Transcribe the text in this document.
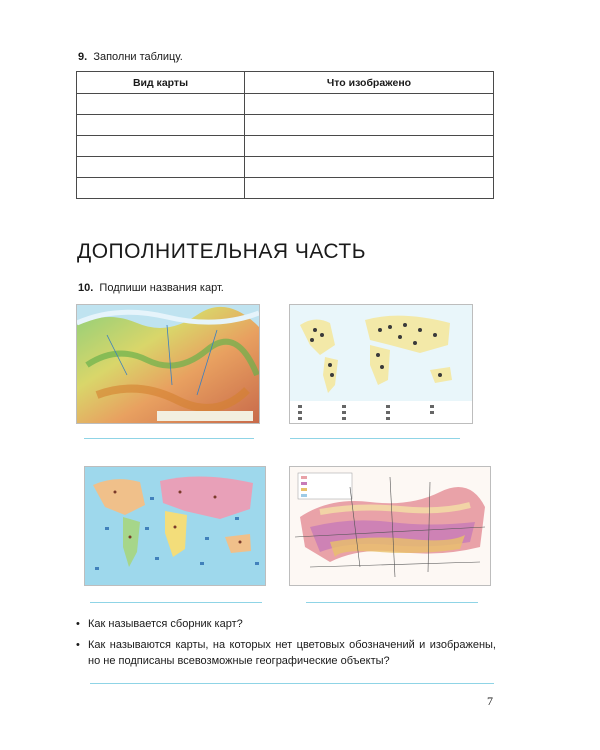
9. Заполни таблицу.
Вид карты	Что изображено

ДОПОЛНИТЕЛЬНАЯ ЧАСТЬ
10. Подпиши названия карт.
• Как называется сборник карт?
• Как называются карты, на которых нет цветовых обозначений и изображены, но не подписаны всевозможные географические объекты?
7
